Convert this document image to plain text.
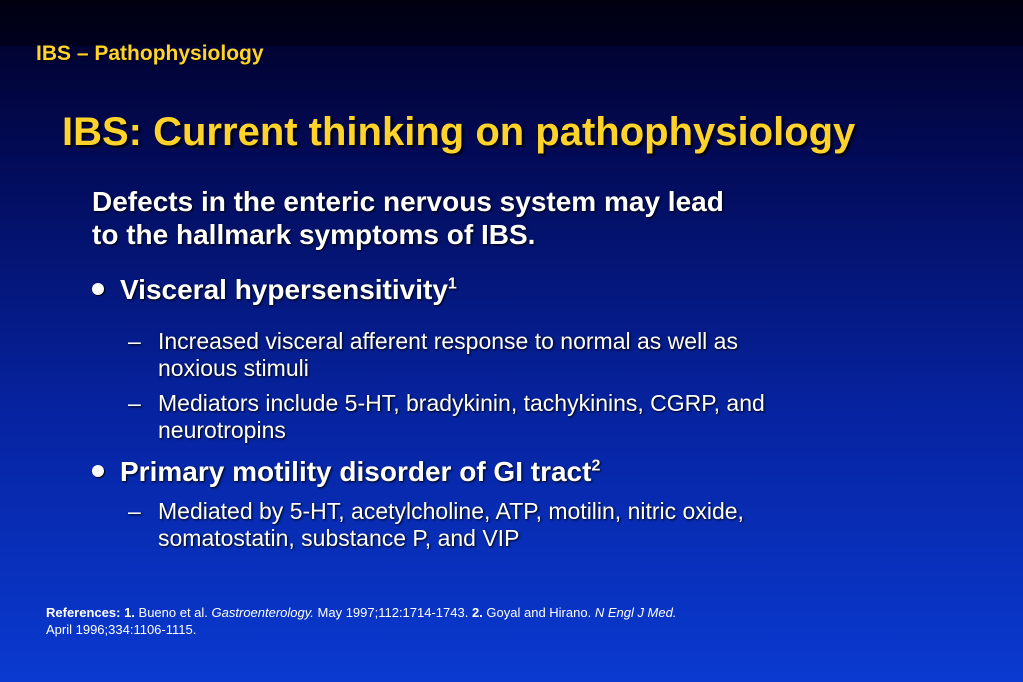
IBS – Pathophysiology
IBS: Current thinking on pathophysiology
Defects in the enteric nervous system may lead
to the hallmark symptoms of IBS.
Visceral hypersensitivity$^1$
– Increased visceral afferent response to normal as well as
noxious stimuli
– Mediators include 5-HT, bradykinin, tachykinins, CGRP, and
neurotropins
Primary motility disorder of GI tract$^2$
– Mediated by 5-HT, acetylcholine, ATP, motilin, nitric oxide,
somatostatin, substance P, and VIP
References: 1. Bueno et al. Gastroenterology. May 1997;112:1714-1743. 2. Goyal and Hirano. N Engl J Med.
April 1996;334:1106-1115.
